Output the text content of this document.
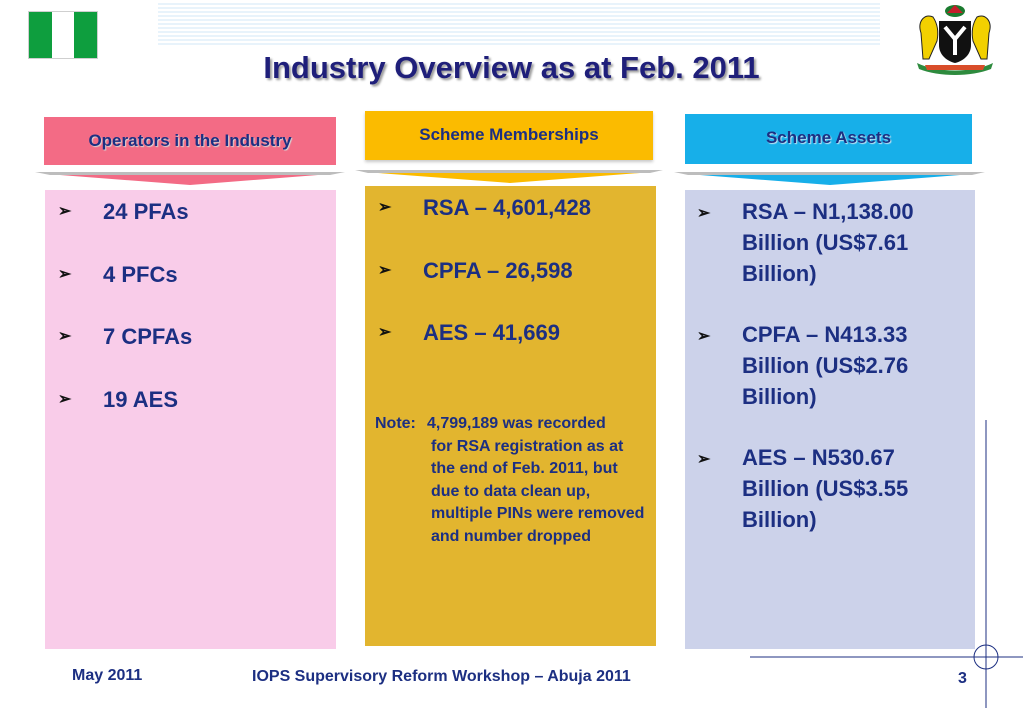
Industry Overview as at Feb. 2011
Operators in the Industry	Scheme Memberships	Scheme Assets
➢	24 PFAs
➢	4 PFCs
➢	7 CPFAs
➢	19 AES
➢	RSA – 4,601,428
➢	CPFA – 26,598
➢	AES – 41,669
Note: 4,799,189 was recorded
for RSA registration as at the end of Feb. 2011, but due to data clean up, multiple PINs were removed and number dropped
➢	RSA – N1,138.00 Billion (US$7.61 Billion)
➢	CPFA – N413.33 Billion (US$2.76 Billion)
➢	AES – N530.67 Billion (US$3.55 Billion)
May 2011	IOPS Supervisory Reform Workshop – Abuja 2011	3
